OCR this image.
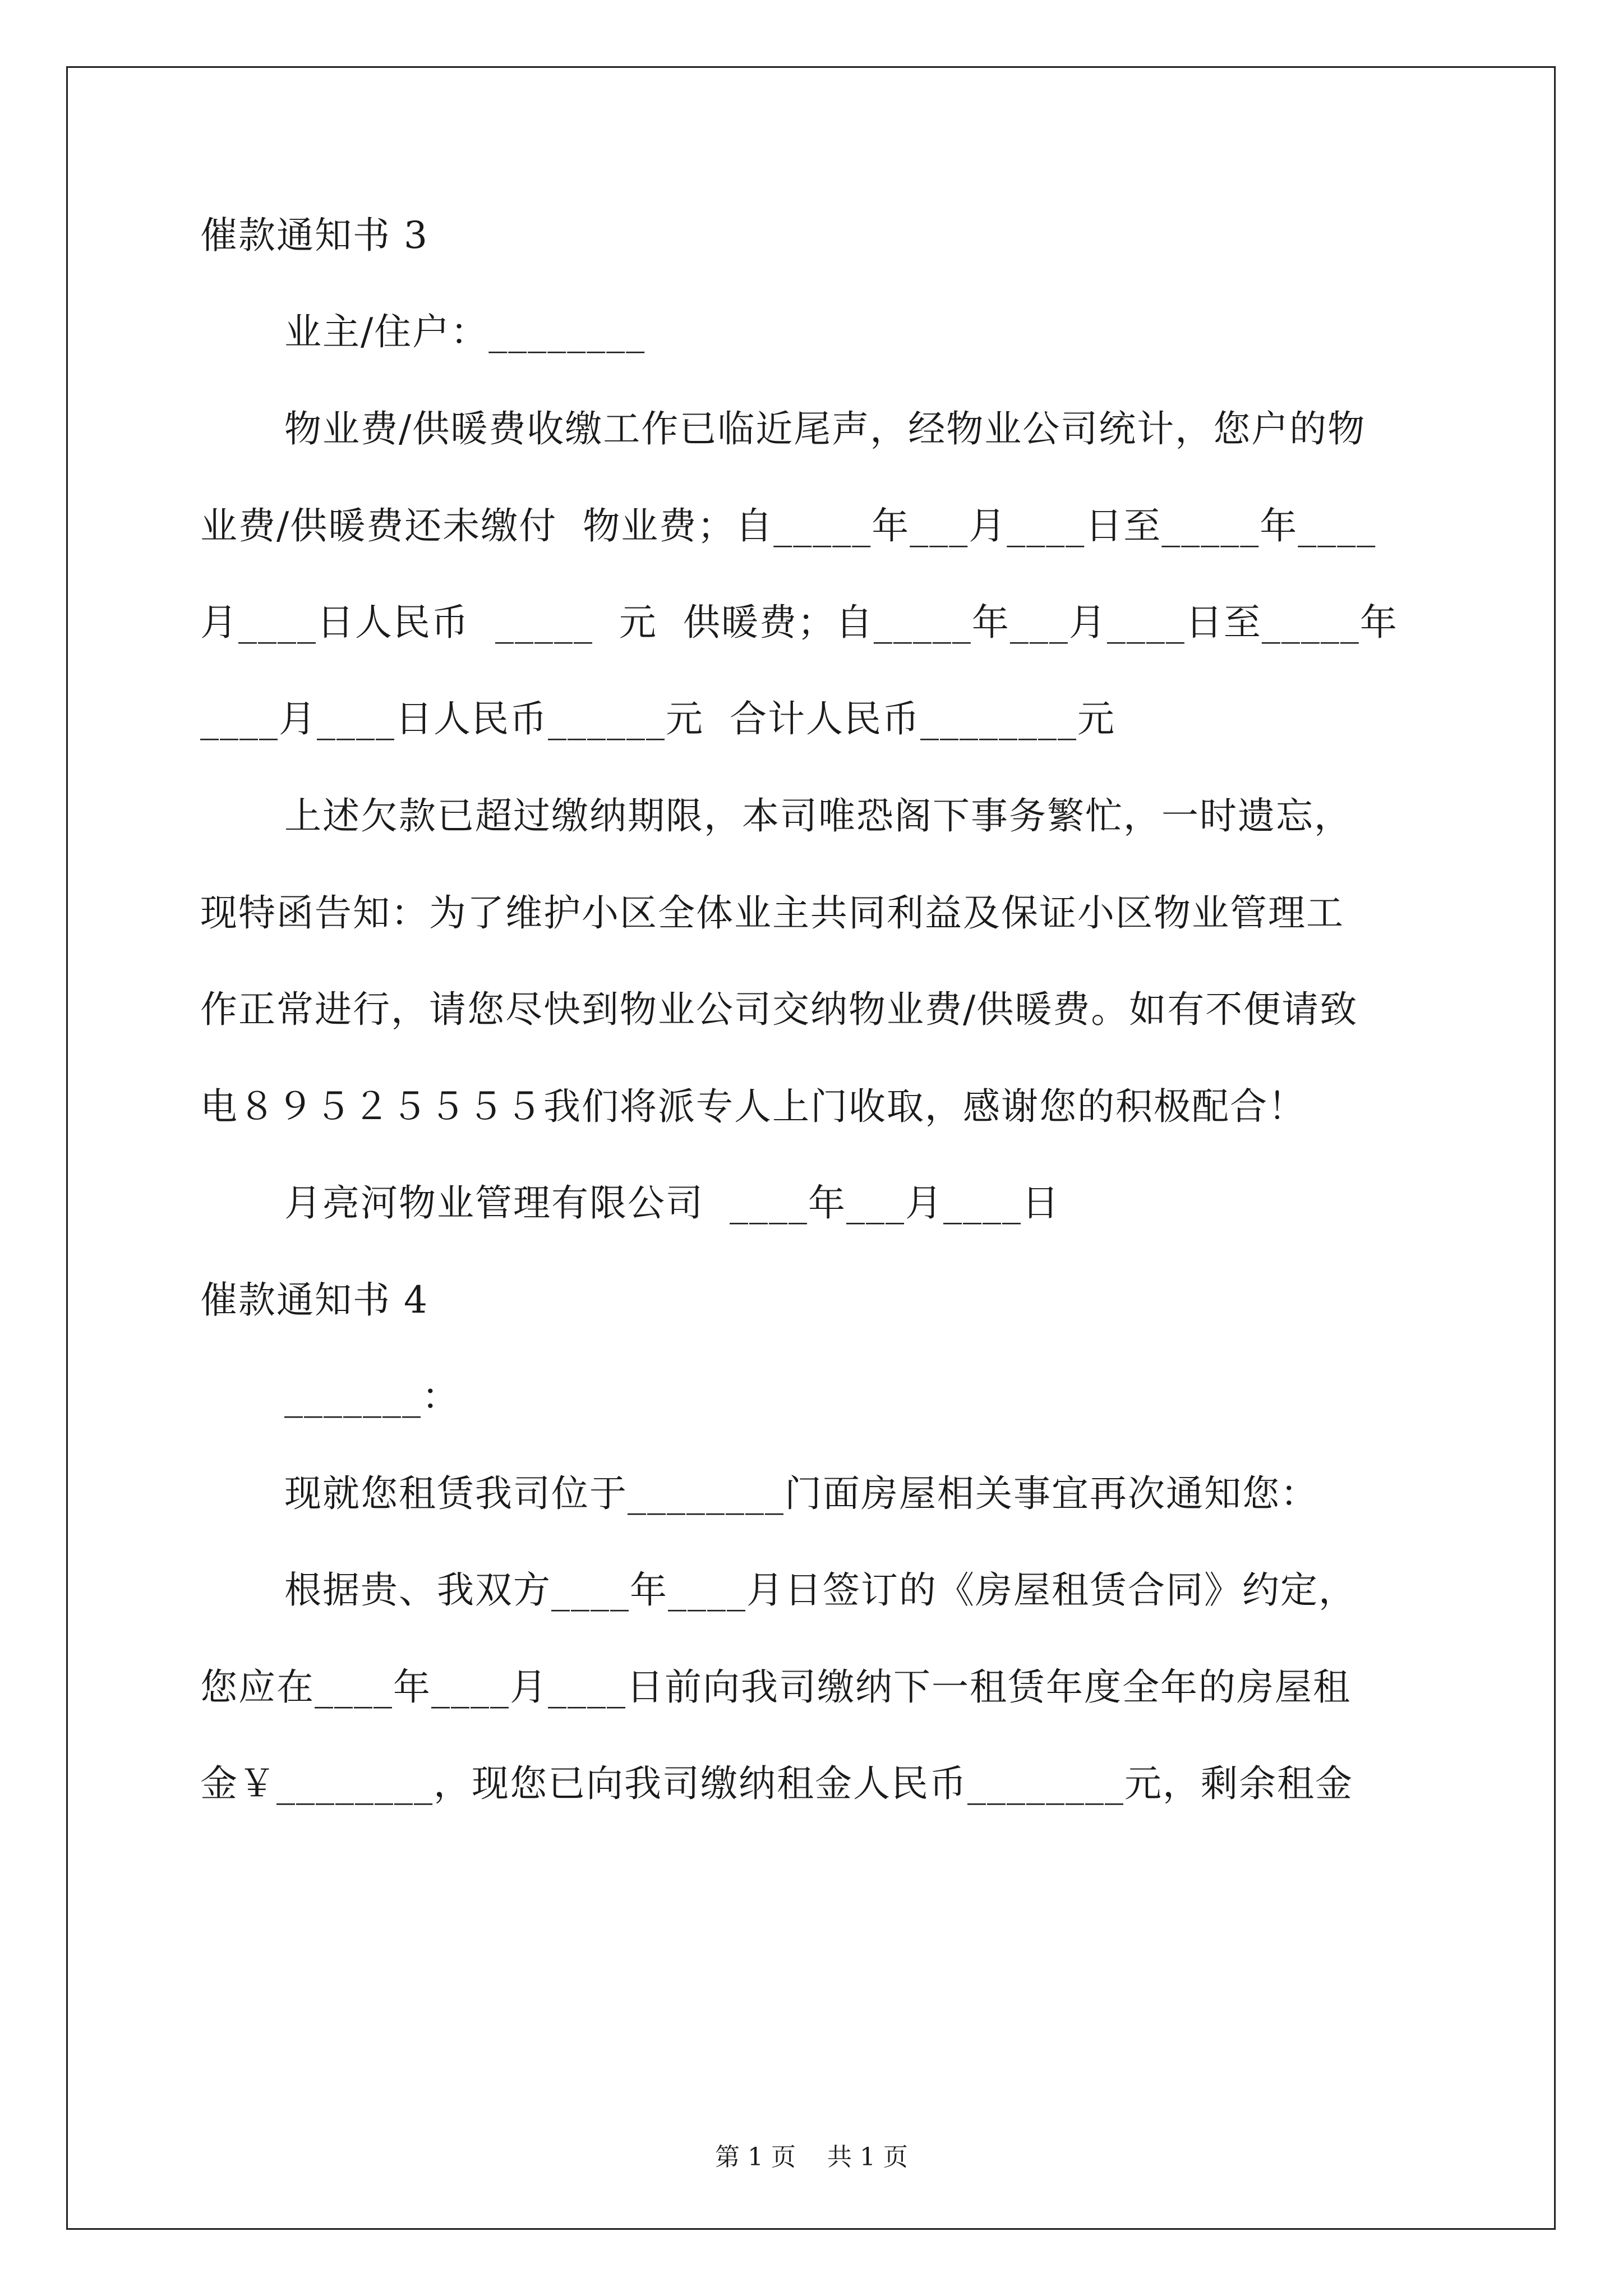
催款通知书 3
业主/住户：________
物业费/供暖费收缴工作已临近尾声，经物业公司统计，您户的物
业费/供暖费还未缴付  物业费；自_____年___月____日至_____年____
月____日人民币  _____  元  供暖费；自_____年___月____日至_____年
____月____日人民币______元  合计人民币________元
上述欠款已超过缴纳期限，本司唯恐阁下事务繁忙，一时遗忘，
现特函告知：为了维护小区全体业主共同利益及保证小区物业管理工
作正常进行，请您尽快到物业公司交纳物业费/供暖费。如有不便请致
电８９５２５５５５我们将派专人上门收取，感谢您的积极配合！
月亮河物业管理有限公司  ____年___月____日
催款通知书 4
_______：
现就您租赁我司位于________门面房屋相关事宜再次通知您：
根据贵、我双方____年____月日签订的《房屋租赁合同》约定，
您应在____年____月____日前向我司缴纳下一租赁年度全年的房屋租
金￥________，现您已向我司缴纳租金人民币________元，剩余租金
第 1 页    共 1 页
